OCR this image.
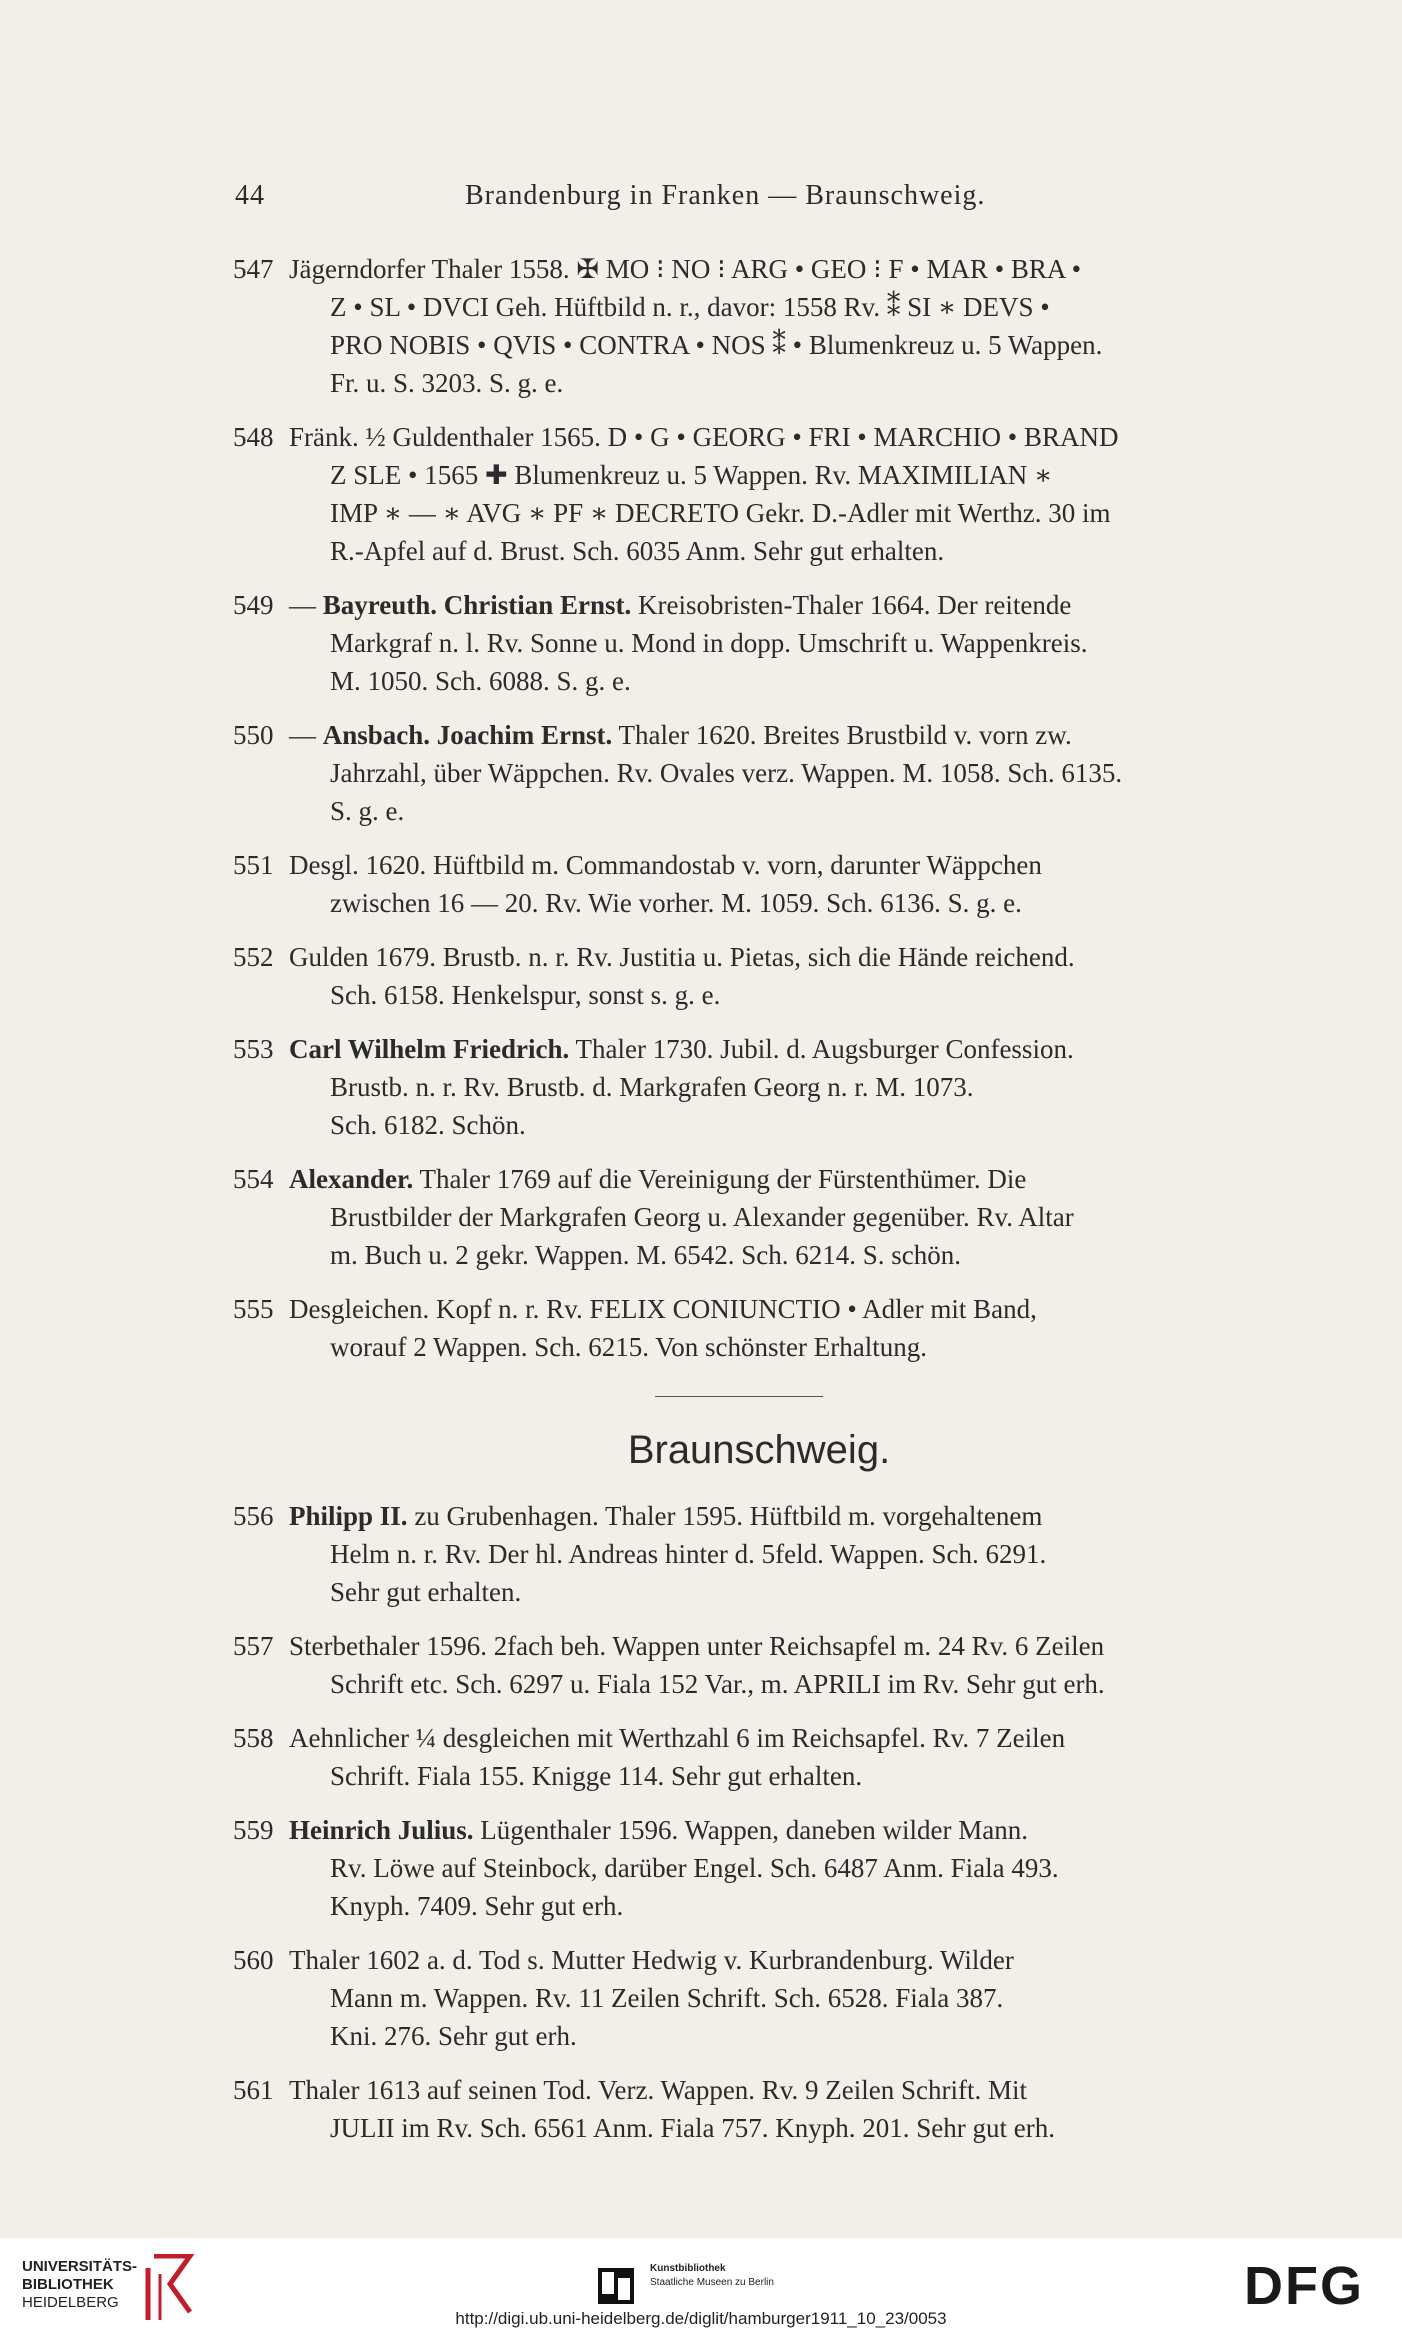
44	Brandenburg in Franken — Braunschweig.
547 Jägerndorfer Thaler 1558. ✠ MO ⁝ NO ⁝ ARG • GEO ⁝ F • MAR • BRA •
Z • SL • DVCI Geh. Hüftbild n. r., davor: 1558 Rv. ⁑ SI ∗ DEVS •
PRO NOBIS • QVIS • CONTRA • NOS ⁑ • Blumenkreuz u. 5 Wappen.
Fr. u. S. 3203. S. g. e.
548 Fränk. ½ Guldenthaler 1565. D • G • GEORG • FRI • MARCHIO • BRAND
Z SLE • 1565 ✚ Blumenkreuz u. 5 Wappen. Rv. MAXIMILIAN ∗
IMP ∗ — ∗ AVG ∗ PF ∗ DECRETO Gekr. D.-Adler mit Werthz. 30 im
R.-Apfel auf d. Brust. Sch. 6035 Anm. Sehr gut erhalten.
549 — Bayreuth. Christian Ernst. Kreisobristen-Thaler 1664. Der reitende
Markgraf n. l. Rv. Sonne u. Mond in dopp. Umschrift u. Wappenkreis.
M. 1050. Sch. 6088. S. g. e.
550 — Ansbach. Joachim Ernst. Thaler 1620. Breites Brustbild v. vorn zw.
Jahrzahl, über Wäppchen. Rv. Ovales verz. Wappen. M. 1058. Sch. 6135.
S. g. e.
551 Desgl. 1620. Hüftbild m. Commandostab v. vorn, darunter Wäppchen
zwischen 16 — 20. Rv. Wie vorher. M. 1059. Sch. 6136. S. g. e.
552 Gulden 1679. Brustb. n. r. Rv. Justitia u. Pietas, sich die Hände reichend.
Sch. 6158. Henkelspur, sonst s. g. e.
553 Carl Wilhelm Friedrich. Thaler 1730. Jubil. d. Augsburger Confession.
Brustb. n. r. Rv. Brustb. d. Markgrafen Georg n. r. M. 1073.
Sch. 6182. Schön.
554 Alexander. Thaler 1769 auf die Vereinigung der Fürstenthümer. Die
Brustbilder der Markgrafen Georg u. Alexander gegenüber. Rv. Altar
m. Buch u. 2 gekr. Wappen. M. 6542. Sch. 6214. S. schön.
555 Desgleichen. Kopf n. r. Rv. FELIX CONIUNCTIO • Adler mit Band,
worauf 2 Wappen. Sch. 6215. Von schönster Erhaltung.
Braunschweig.
556 Philipp II. zu Grubenhagen. Thaler 1595. Hüftbild m. vorgehaltenem
Helm n. r. Rv. Der hl. Andreas hinter d. 5feld. Wappen. Sch. 6291.
Sehr gut erhalten.
557 Sterbethaler 1596. 2fach beh. Wappen unter Reichsapfel m. 24 Rv. 6 Zeilen
Schrift etc. Sch. 6297 u. Fiala 152 Var., m. APRILI im Rv. Sehr gut erh.
558 Aehnlicher ¼ desgleichen mit Werthzahl 6 im Reichsapfel. Rv. 7 Zeilen
Schrift. Fiala 155. Knigge 114. Sehr gut erhalten.
559 Heinrich Julius. Lügenthaler 1596. Wappen, daneben wilder Mann.
Rv. Löwe auf Steinbock, darüber Engel. Sch. 6487 Anm. Fiala 493.
Knyph. 7409. Sehr gut erh.
560 Thaler 1602 a. d. Tod s. Mutter Hedwig v. Kurbrandenburg. Wilder
Mann m. Wappen. Rv. 11 Zeilen Schrift. Sch. 6528. Fiala 387.
Kni. 276. Sehr gut erh.
561 Thaler 1613 auf seinen Tod. Verz. Wappen. Rv. 9 Zeilen Schrift. Mit
JULII im Rv. Sch. 6561 Anm. Fiala 757. Knyph. 201. Sehr gut erh.
UNIVERSITÄTS-
BIBLIOTHEK
HEIDELBERG
Kunstbibliothek
Staatliche Museen zu Berlin	DFG
http://digi.ub.uni-heidelberg.de/diglit/hamburger1911_10_23/0053
